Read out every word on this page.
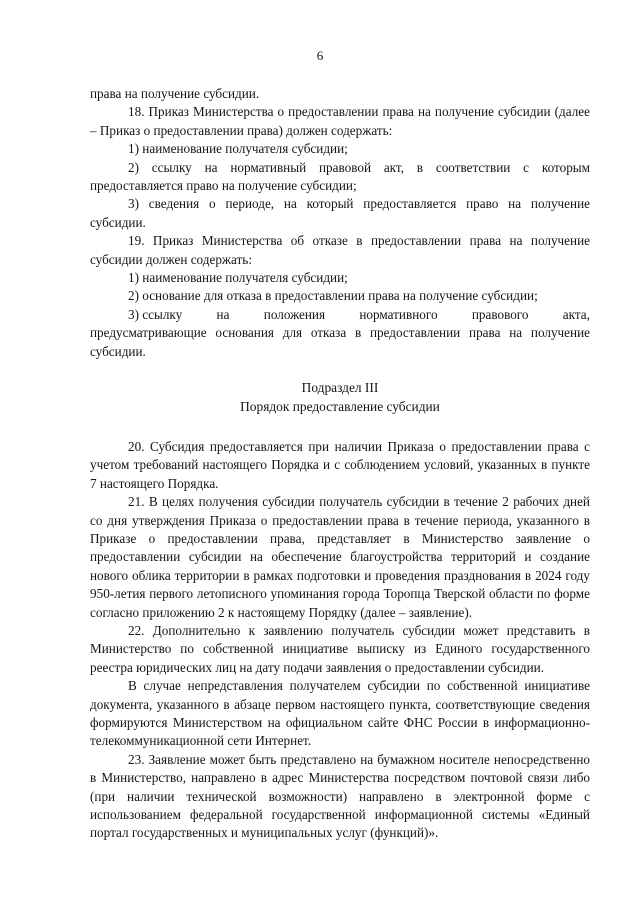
6

права на получение субсидии.

18. Приказ Министерства о предоставлении права на получение субсидии (далее – Приказ о предоставлении права) должен содержать:

1) наименование получателя субсидии;

2) ссылку на нормативный правовой акт, в соответствии с которым предоставляется право на получение субсидии;

3) сведения о периоде, на который предоставляется право на получение субсидии.

19. Приказ Министерства об отказе в предоставлении права на получение субсидии должен содержать:

1) наименование получателя субсидии;

2) основание для отказа в предоставлении права на получение субсидии;

3) ссылку	на	положения	нормативного	правового	акта,

предусматривающие основания для отказа в предоставлении права на получение субсидии.

Подраздел III

Порядок предоставление субсидии

20. Субсидия предоставляется при наличии Приказа о предоставлении права с учетом требований настоящего Порядка и с соблюдением условий, указанных в пункте 7 настоящего Порядка.

21. В целях получения субсидии получатель субсидии в течение 2 рабочих дней со дня утверждения Приказа о предоставлении права в течение периода, указанного в Приказе о предоставлении права, представляет в Министерство заявление о предоставлении субсидии на обеспечение благоустройства территорий и создание нового облика территории в рамках подготовки и проведения празднования в 2024 году 950-летия первого летописного упоминания города Торопца Тверской области по форме согласно приложению 2 к настоящему Порядку (далее – заявление).

22. Дополнительно к заявлению получатель субсидии может представить в Министерство по собственной инициативе выписку из Единого государственного реестра юридических лиц на дату подачи заявления о предоставлении субсидии.

В случае непредставления получателем субсидии по собственной инициативе документа, указанного в абзаце первом настоящего пункта, соответствующие сведения формируются Министерством на официальном сайте ФНС России в информационно-телекоммуникационной сети Интернет.

23. Заявление может быть представлено на бумажном носителе непосредственно в Министерство, направлено в адрес Министерства посредством почтовой связи либо (при наличии технической возможности) направлено в электронной форме с использованием федеральной государственной информационной системы «Единый портал государственных и муниципальных услуг (функций)».
